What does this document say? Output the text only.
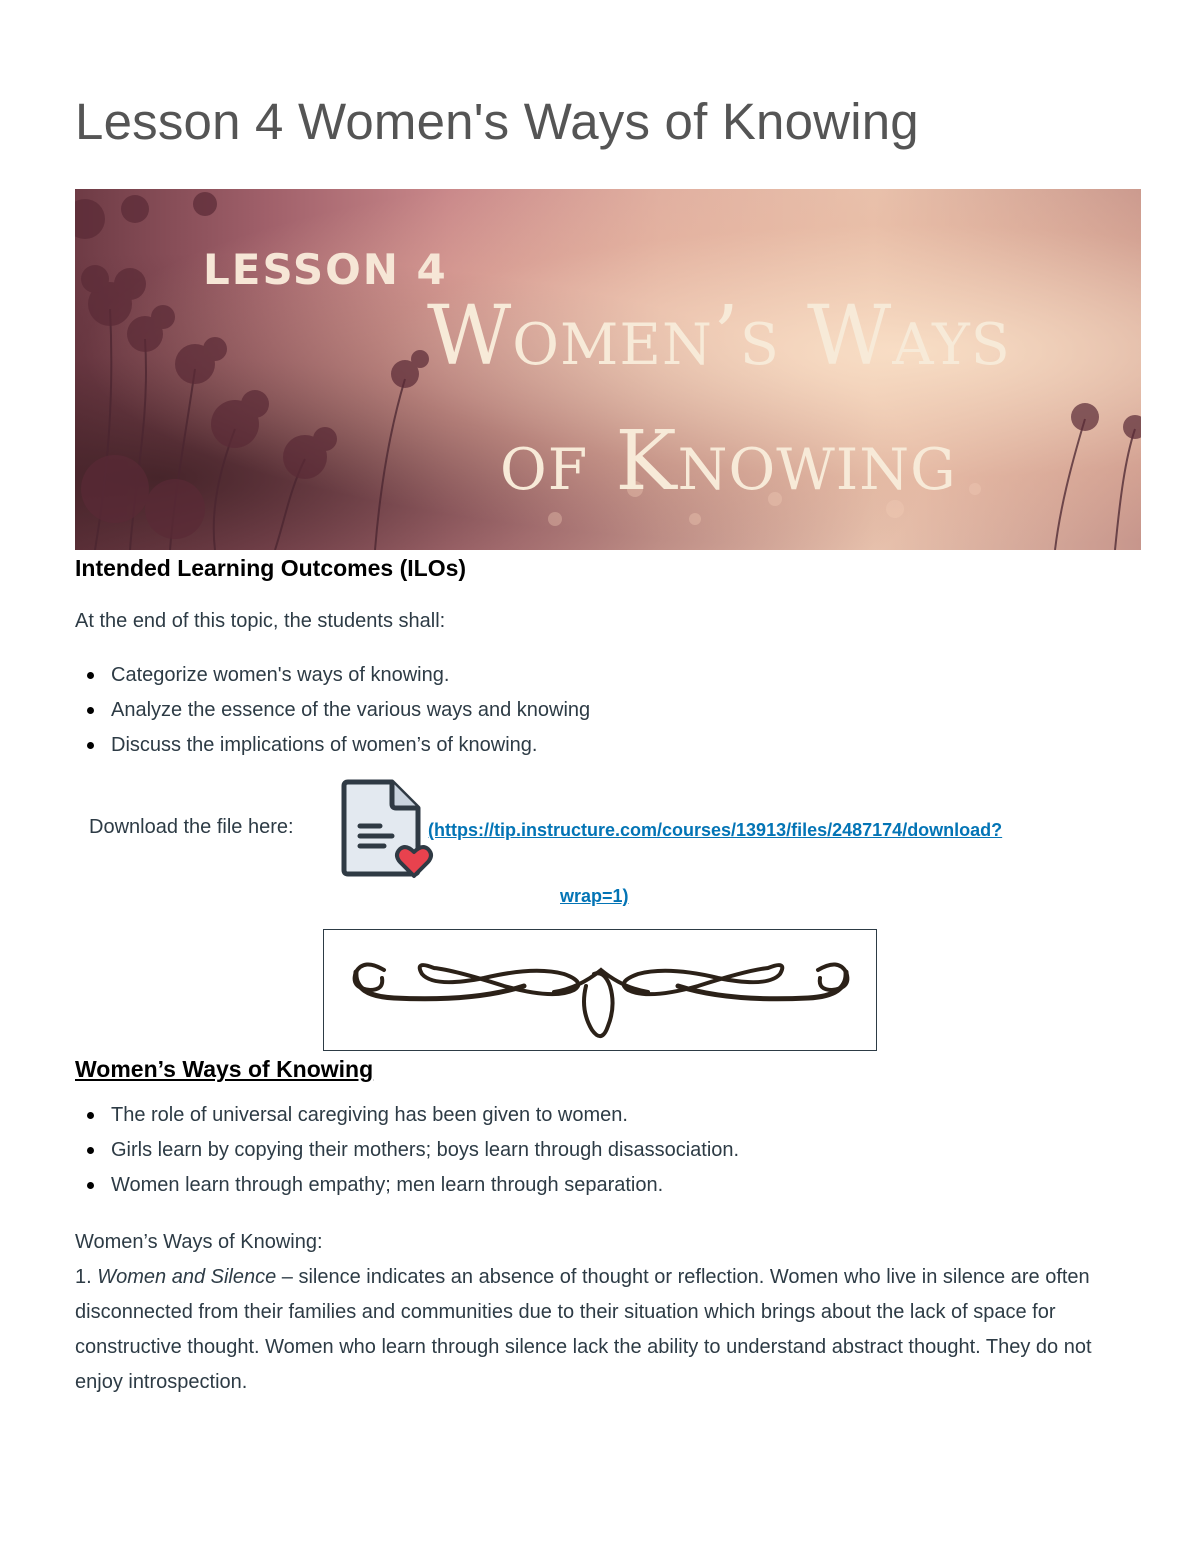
Lesson 4 Women's Ways of Knowing
LESSON 4
Women’s Ways
of Knowing
Intended Learning Outcomes (ILOs)

At the end of this topic, the students shall:

Categorize women's ways of knowing.
Analyze the essence of the various ways and knowing
Discuss the implications of women’s of knowing.
Download the file here:	(https://tip.instructure.com/courses/13913/files/2487174/download?
wrap=1)
Women’s Ways of Knowing
The role of universal caregiving has been given to women.
Girls learn by copying their mothers; boys learn through disassociation.
Women learn through empathy; men learn through separation.

Women’s Ways of Knowing:
1. Women and Silence – silence indicates an absence of thought or reflection. Women who live in silence are often disconnected from their families and communities due to their situation which brings about the lack of space for constructive thought. Women who learn through silence lack the ability to understand abstract thought. They do not enjoy introspection.
